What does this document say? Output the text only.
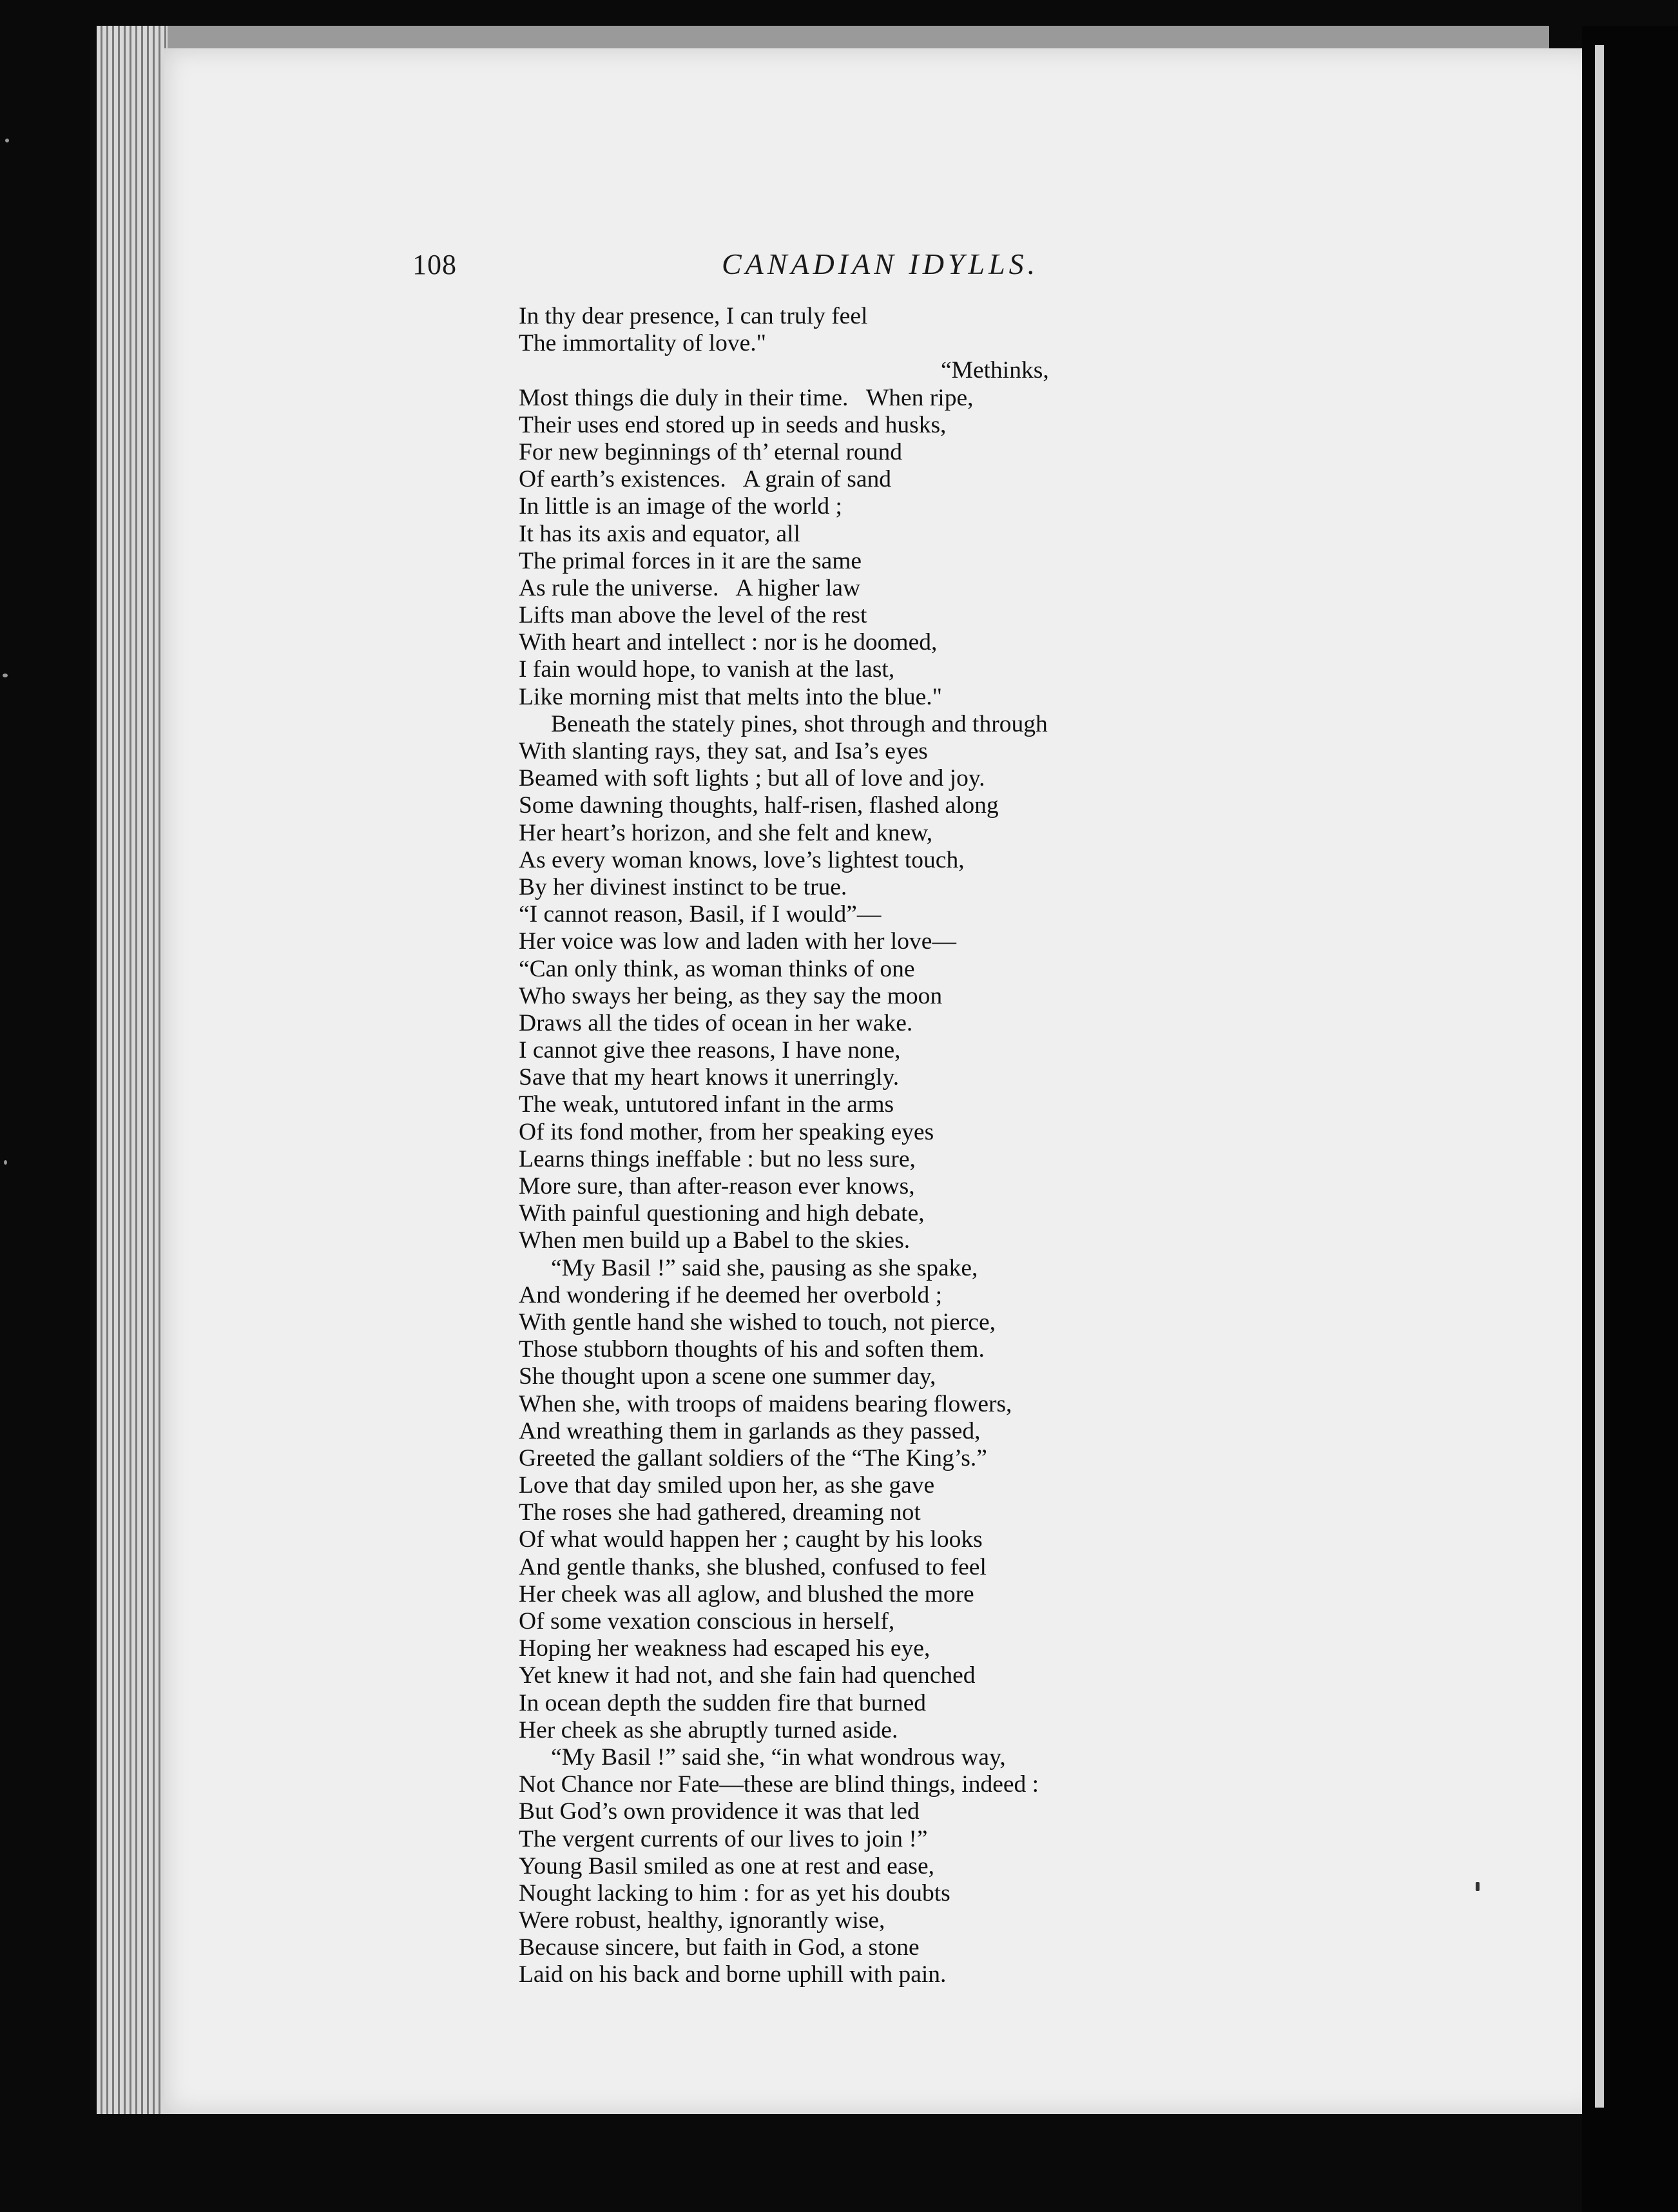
108	CANADIAN IDYLLS.
In thy dear presence, I can truly feel
The immortality of love."
“Methinks,
Most things die duly in their time.   When ripe,
Their uses end stored up in seeds and husks,
For new beginnings of th’ eternal round
Of earth’s existences.   A grain of sand
In little is an image of the world ;
It has its axis and equator, all
The primal forces in it are the same
As rule the universe.   A higher law
Lifts man above the level of the rest
With heart and intellect : nor is he doomed,
I fain would hope, to vanish at the last,
Like morning mist that melts into the blue."
Beneath the stately pines, shot through and through
With slanting rays, they sat, and Isa’s eyes
Beamed with soft lights ; but all of love and joy.
Some dawning thoughts, half-risen, flashed along
Her heart’s horizon, and she felt and knew,
As every woman knows, love’s lightest touch,
By her divinest instinct to be true.
“I cannot reason, Basil, if I would”—
Her voice was low and laden with her love—
“Can only think, as woman thinks of one
Who sways her being, as they say the moon
Draws all the tides of ocean in her wake.
I cannot give thee reasons, I have none,
Save that my heart knows it unerringly.
The weak, untutored infant in the arms
Of its fond mother, from her speaking eyes
Learns things ineffable : but no less sure,
More sure, than after-reason ever knows,
With painful questioning and high debate,
When men build up a Babel to the skies.
“My Basil !” said she, pausing as she spake,
And wondering if he deemed her overbold ;
With gentle hand she wished to touch, not pierce,
Those stubborn thoughts of his and soften them.
She thought upon a scene one summer day,
When she, with troops of maidens bearing flowers,
And wreathing them in garlands as they passed,
Greeted the gallant soldiers of the “The King’s.”
Love that day smiled upon her, as she gave
The roses she had gathered, dreaming not
Of what would happen her ; caught by his looks
And gentle thanks, she blushed, confused to feel
Her cheek was all aglow, and blushed the more
Of some vexation conscious in herself,
Hoping her weakness had escaped his eye,
Yet knew it had not, and she fain had quenched
In ocean depth the sudden fire that burned
Her cheek as she abruptly turned aside.
“My Basil !” said she, “in what wondrous way,
Not Chance nor Fate—these are blind things, indeed :
But God’s own providence it was that led
The vergent currents of our lives to join !”
Young Basil smiled as one at rest and ease,
Nought lacking to him : for as yet his doubts
Were robust, healthy, ignorantly wise,
Because sincere, but faith in God, a stone
Laid on his back and borne uphill with pain.
